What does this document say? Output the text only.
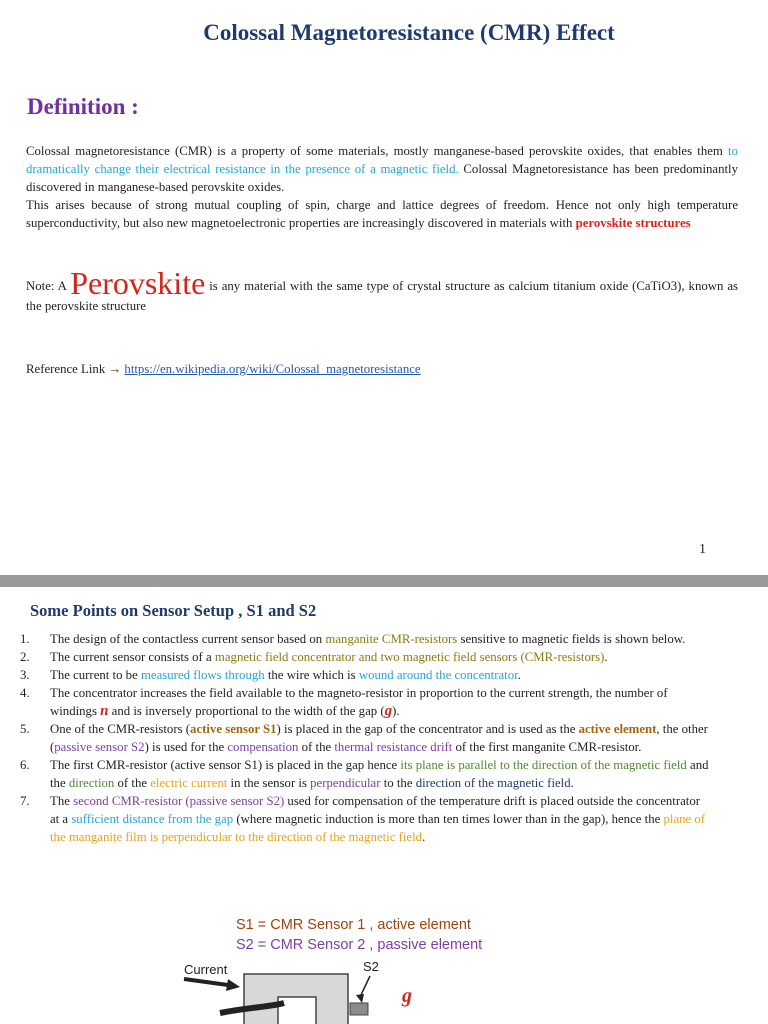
Colossal Magnetoresistance (CMR) Effect
Definition :
Colossal magnetoresistance (CMR) is a property of some materials, mostly manganese-based perovskite oxides, that enables them to dramatically change their electrical resistance in the presence of a magnetic field. Colossal Magnetoresistance has been predominantly discovered in manganese-based perovskite oxides.
This arises because of strong mutual coupling of spin, charge and lattice degrees of freedom. Hence not only high temperature superconductivity, but also new magnetoelectronic properties are increasingly discovered in materials with perovskite structures
Note: A Perovskite is any material with the same type of crystal structure as calcium titanium oxide (CaTiO3), known as the perovskite structure
Reference Link → https://en.wikipedia.org/wiki/Colossal_magnetoresistance
1
Some Points on Sensor Setup , S1 and S2
1. The design of the contactless current sensor based on manganite CMR-resistors sensitive to magnetic fields is shown below.
2. The current sensor consists of a magnetic field concentrator and two magnetic field sensors (CMR-resistors).
3. The current to be measured flows through the wire which is wound around the concentrator.
4. The concentrator increases the field available to the magneto-resistor in proportion to the current strength, the number of windings n and is inversely proportional to the width of the gap (g).
5. One of the CMR-resistors (active sensor S1) is placed in the gap of the concentrator and is used as the active element, the other (passive sensor S2) is used for the compensation of the thermal resistance drift of the first manganite CMR-resistor.
6. The first CMR-resistor (active sensor S1) is placed in the gap hence its plane is parallel to the direction of the magnetic field and the direction of the electric current in the sensor is perpendicular to the direction of the magnetic field.
7. The second CMR-resistor (passive sensor S2) used for compensation of the temperature drift is placed outside the concentrator at a sufficient distance from the gap (where magnetic induction is more than ten times lower than in the gap), hence the plane of the manganite film is perpendicular to the direction of the magnetic field.
S1 = CMR Sensor 1 , active element
S2 = CMR Sensor 2 , passive element
Current	S2
g
